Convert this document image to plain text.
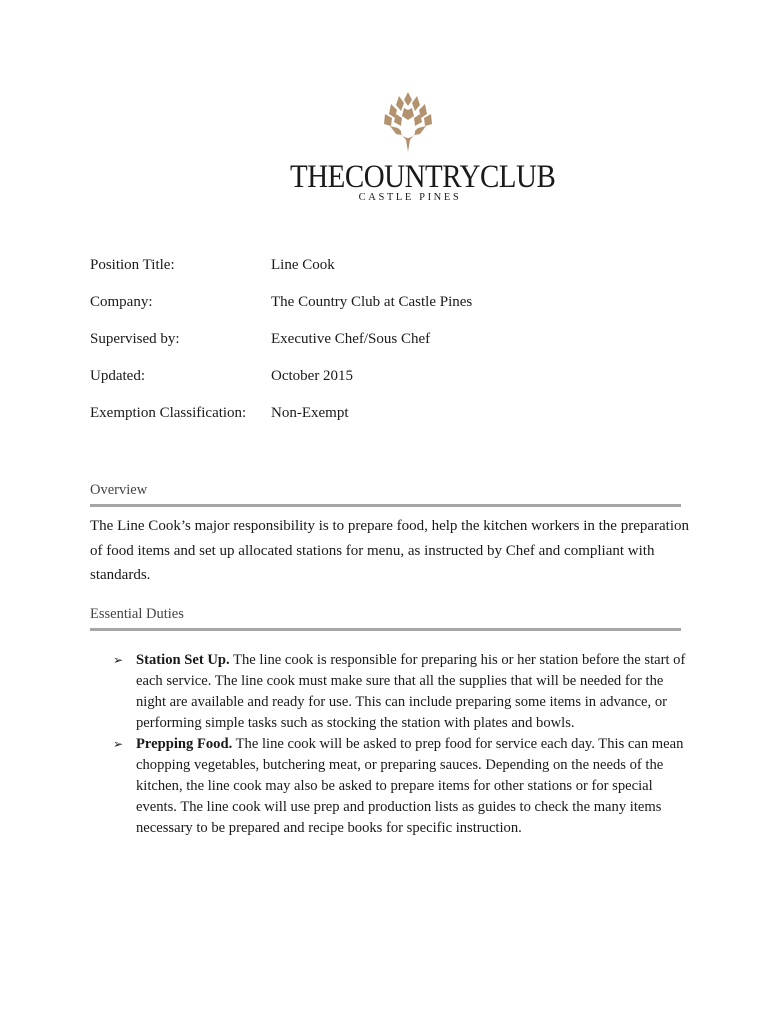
THECOUNTRYCLUB
CASTLE PINES
Position Title:	Line Cook
Company:	The Country Club at Castle Pines
Supervised by:	Executive Chef/Sous Chef
Updated:	October 2015
Exemption Classification: Non-Exempt
Overview
The Line Cook’s major responsibility is to prepare food, help the kitchen workers in the preparation of food items and set up allocated stations for menu, as instructed by Chef and compliant with standards.
Essential Duties
➢ Station Set Up. The line cook is responsible for preparing his or her station before the start of each service. The line cook must make sure that all the supplies that will be needed for the night are available and ready for use. This can include preparing some items in advance, or performing simple tasks such as stocking the station with plates and bowls.
➢ Prepping Food. The line cook will be asked to prep food for service each day. This can mean chopping vegetables, butchering meat, or preparing sauces. Depending on the needs of the kitchen, the line cook may also be asked to prepare items for other stations or for special events. The line cook will use prep and production lists as guides to check the many items necessary to be prepared and recipe books for specific instruction.
